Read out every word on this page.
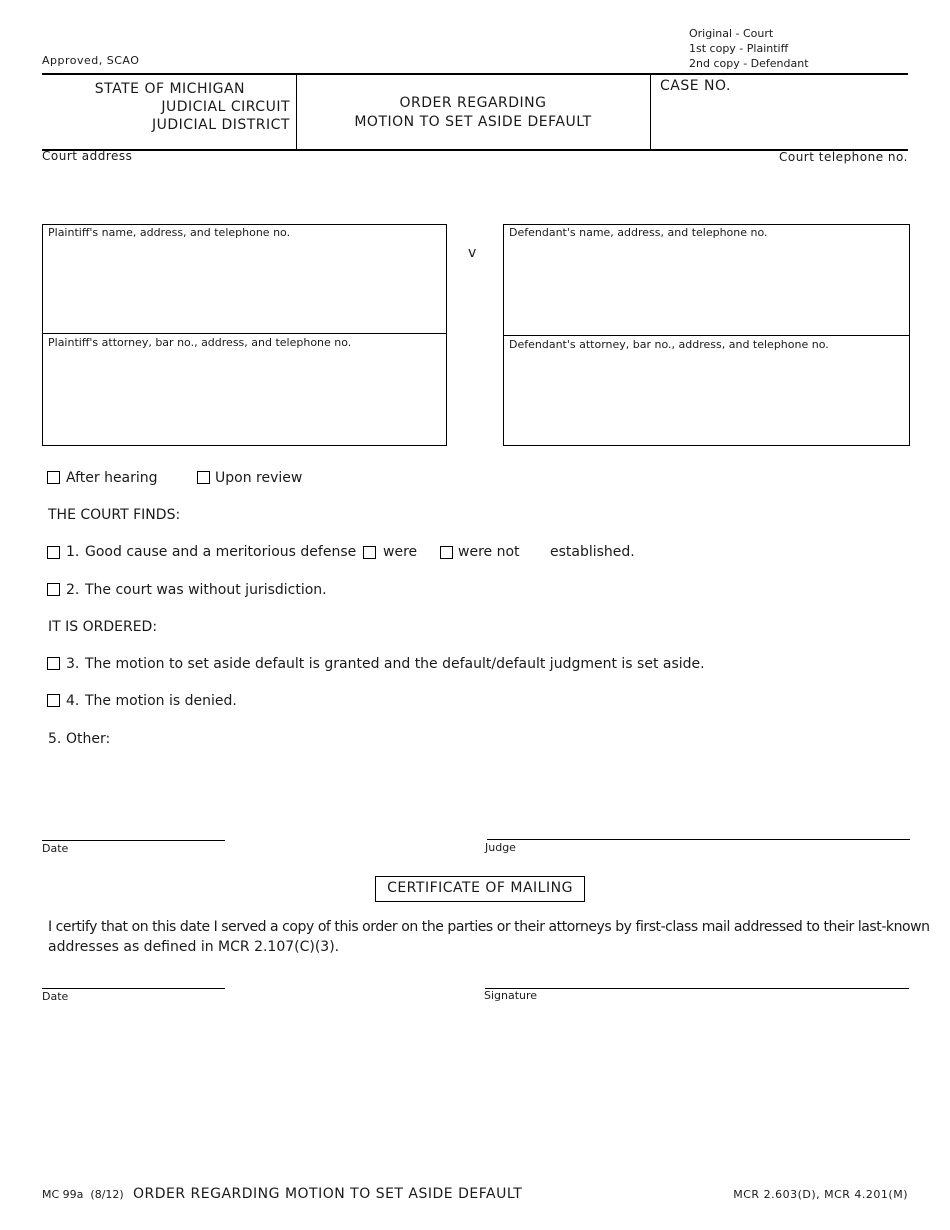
Approved, SCAO
Original - Court
1st copy - Plaintiff
2nd copy - Defendant
STATE OF MICHIGAN
JUDICIAL CIRCUIT
JUDICIAL DISTRICT
ORDER REGARDING
MOTION TO SET ASIDE DEFAULT
CASE NO.
Court address	Court telephone no.
Plaintiff's name, address, and telephone no.
Plaintiff's attorney, bar no., address, and telephone no.
v
Defendant's name, address, and telephone no.
Defendant's attorney, bar no., address, and telephone no.
After hearing	Upon review
THE COURT FINDS:
1. Good cause and a meritorious defense were	were not established.
2. The court was without jurisdiction.
IT IS ORDERED:
3. The motion to set aside default is granted and the default/default judgment is set aside.
4. The motion is denied.
5. Other:
Date	Judge
CERTIFICATE OF MAILING
I certify that on this date I served a copy of this order on the parties or their attorneys by first-class mail addressed to their last-known
addresses as defined in MCR 2.107(C)(3).
Date	Signature
MC 99a  (8/12) ORDER REGARDING MOTION TO SET ASIDE DEFAULT	MCR 2.603(D), MCR 4.201(M)
